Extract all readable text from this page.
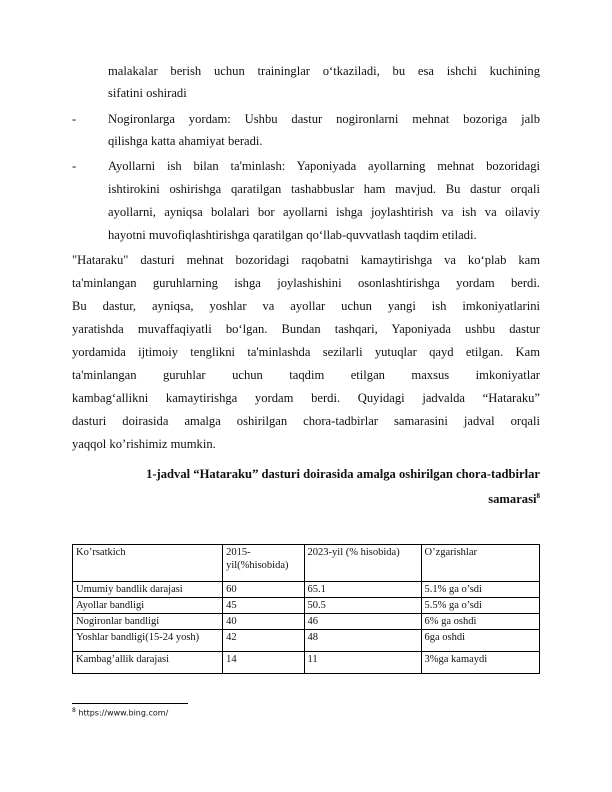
malakalar berish uchun traininglar o‘tkaziladi, bu esa ishchi kuchining
sifatini oshiradi
-	Nogironlarga yordam: Ushbu dastur nogironlarni mehnat bozoriga jalb
qilishga katta ahamiyat beradi.
-	Ayollarni ish bilan ta'minlash: Yaponiyada ayollarning mehnat bozoridagi
ishtirokini oshirishga qaratilgan tashabbuslar ham mavjud. Bu dastur orqali
ayollarni, ayniqsa bolalari bor ayollarni ishga joylashtirish va ish va oilaviy
hayotni muvofiqlashtirishga qaratilgan qo‘llab-quvvatlash taqdim etiladi.
"Hataraku" dasturi mehnat bozoridagi raqobatni kamaytirishga va ko‘plab kam
ta'minlangan guruhlarning ishga joylashishini osonlashtirishga yordam berdi.
Bu dastur, ayniqsa, yoshlar va ayollar uchun yangi ish imkoniyatlarini
yaratishda muvaffaqiyatli bo‘lgan. Bundan tashqari, Yaponiyada ushbu dastur
yordamida ijtimoiy tenglikni ta'minlashda sezilarli yutuqlar qayd etilgan. Kam
ta'minlangan guruhlar uchun taqdim etilgan maxsus imkoniyatlar
kambag‘allikni kamaytirishga yordam berdi. Quyidagi jadvalda “Hataraku”
dasturi doirasida amalga oshirilgan chora-tadbirlar samarasini jadval orqali
yaqqol ko’rishimiz mumkin.
1-jadval “Hataraku” dasturi doirasida amalga oshirilgan chora-tadbirlar
samarasi$^8$
Ko’rsatkich	2015-yil(%hisobida)	2023-yil (% hisobida)	O’zgarishlar
Umumiy bandlik darajasi	60	65.1	5.1% ga o’sdi
Ayollar bandligi	45	50.5	5.5% ga o’sdi
Nogironlar bandligi	40	46	6% ga oshdi
Yoshlar bandligi(15-24 yosh)	42	48	6ga oshdi
Kambag’allik darajasi	14	11	3%ga kamaydi
$^8$ https://www.bing.com/
